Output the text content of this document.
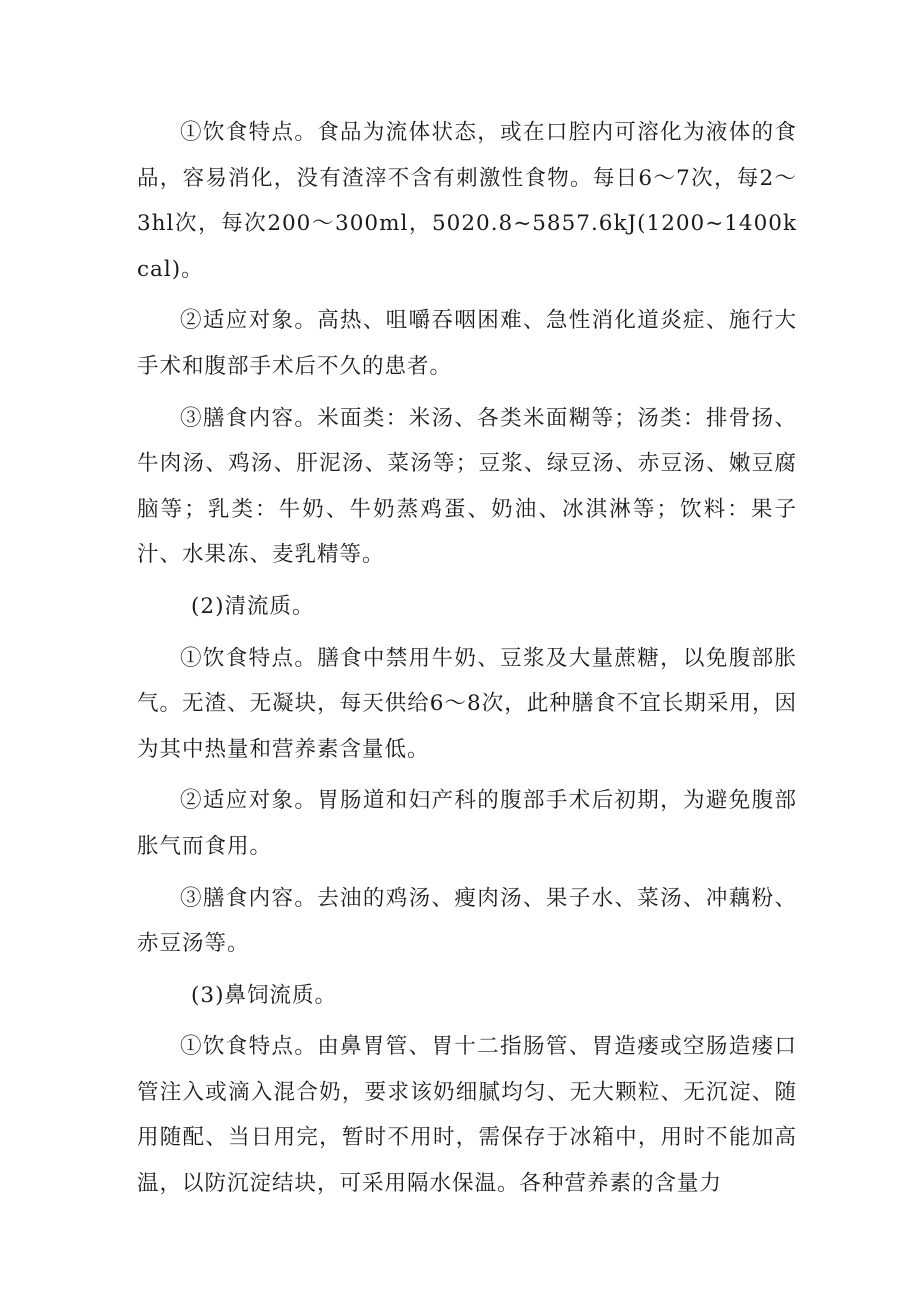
①饮食特点。食品为流体状态，或在口腔内可溶化为液体的食品，容易消化，没有渣滓不含有刺激性食物。每日6～7次，每2～3hl次，每次200～300ml，5020.8~5857.6kJ(1200~1400kcal)。

②适应对象。高热、咀嚼吞咽困难、急性消化道炎症、施行大手术和腹部手术后不久的患者。

③膳食内容。米面类：米汤、各类米面糊等；汤类：排骨扬、牛肉汤、鸡汤、肝泥汤、菜汤等；豆浆、绿豆汤、赤豆汤、嫩豆腐脑等；乳类：牛奶、牛奶蒸鸡蛋、奶油、冰淇淋等；饮料：果子汁、水果冻、麦乳精等。

(2)清流质。

①饮食特点。膳食中禁用牛奶、豆浆及大量蔗糖，以免腹部胀气。无渣、无凝块，每天供给6～8次，此种膳食不宜长期采用，因为其中热量和营养素含量低。

②适应对象。胃肠道和妇产科的腹部手术后初期，为避免腹部胀气而食用。

③膳食内容。去油的鸡汤、瘦肉汤、果子水、菜汤、冲藕粉、赤豆汤等。

(3)鼻饲流质。

①饮食特点。由鼻胃管、胃十二指肠管、胃造瘘或空肠造瘘口管注入或滴入混合奶，要求该奶细腻均匀、无大颗粒、无沉淀、随用随配、当日用完，暂时不用时，需保存于冰箱中，用时不能加高温，以防沉淀结块，可采用隔水保温。各种营养素的含量力
